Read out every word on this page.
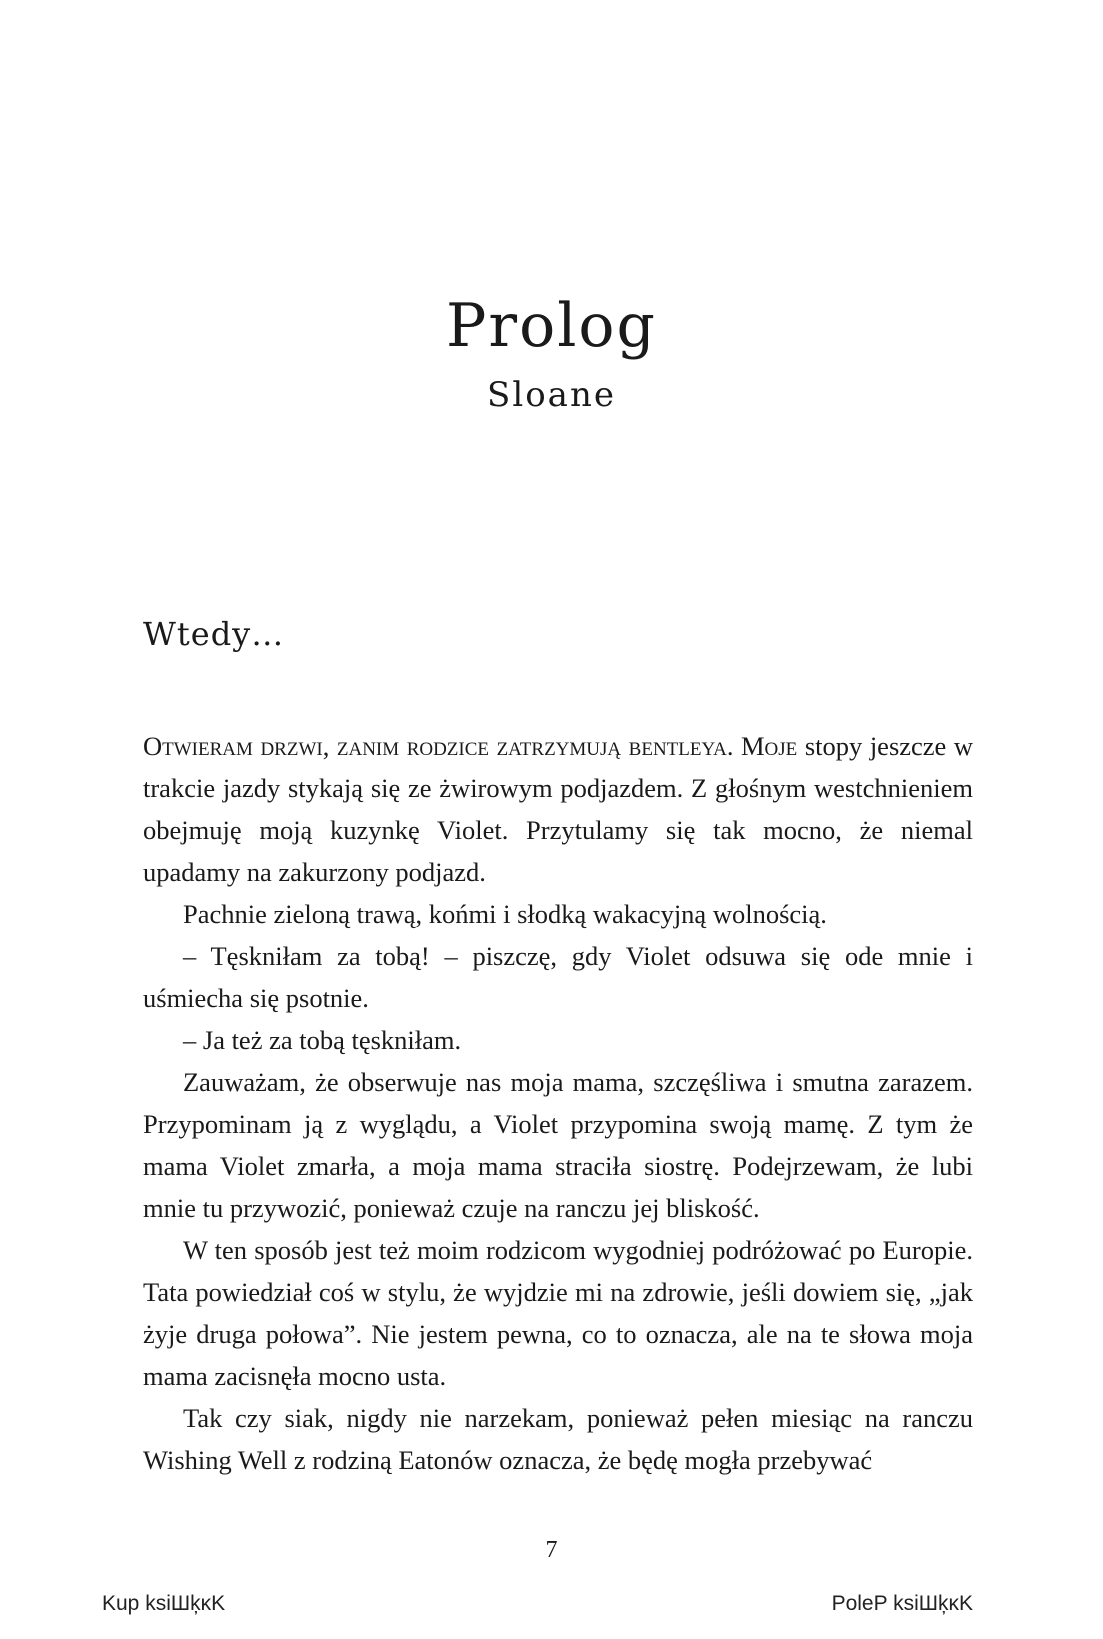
Prolog
Sloane
Wtedy…

Otwieram drzwi, zanim rodzice zatrzymują bentleya. Moje stopy jeszcze w trakcie jazdy stykają się ze żwirowym podjazdem. Z głośnym westchnieniem obejmuję moją kuzynkę Violet. Przytulamy się tak mocno, że niemal upadamy na zakurzony podjazd.

Pachnie zieloną trawą, końmi i słodką wakacyjną wolnością.

– Tęskniłam za tobą! – piszczę, gdy Violet odsuwa się ode mnie i uśmiecha się psotnie.

– Ja też za tobą tęskniłam.

Zauważam, że obserwuje nas moja mama, szczęśliwa i smutna zarazem. Przypominam ją z wyglądu, a Violet przypomina swoją mamę. Z tym że mama Violet zmarła, a moja mama straciła siostrę. Podejrzewam, że lubi mnie tu przywozić, ponieważ czuje na ranczu jej bliskość.

W ten sposób jest też moim rodzicom wygodniej podróżować po Europie. Tata powiedział coś w stylu, że wyjdzie mi na zdrowie, jeśli dowiem się, „jak żyje druga połowa”. Nie jestem pewna, co to oznacza, ale na te słowa moja mama zacisnęła mocno usta.

Tak czy siak, nigdy nie narzekam, ponieważ pełen miesiąc na ranczu Wishing Well z rodziną Eatonów oznacza, że będę mogła przebywać

7
Kup ksiШķĸK	PoleP ksiШķĸK
